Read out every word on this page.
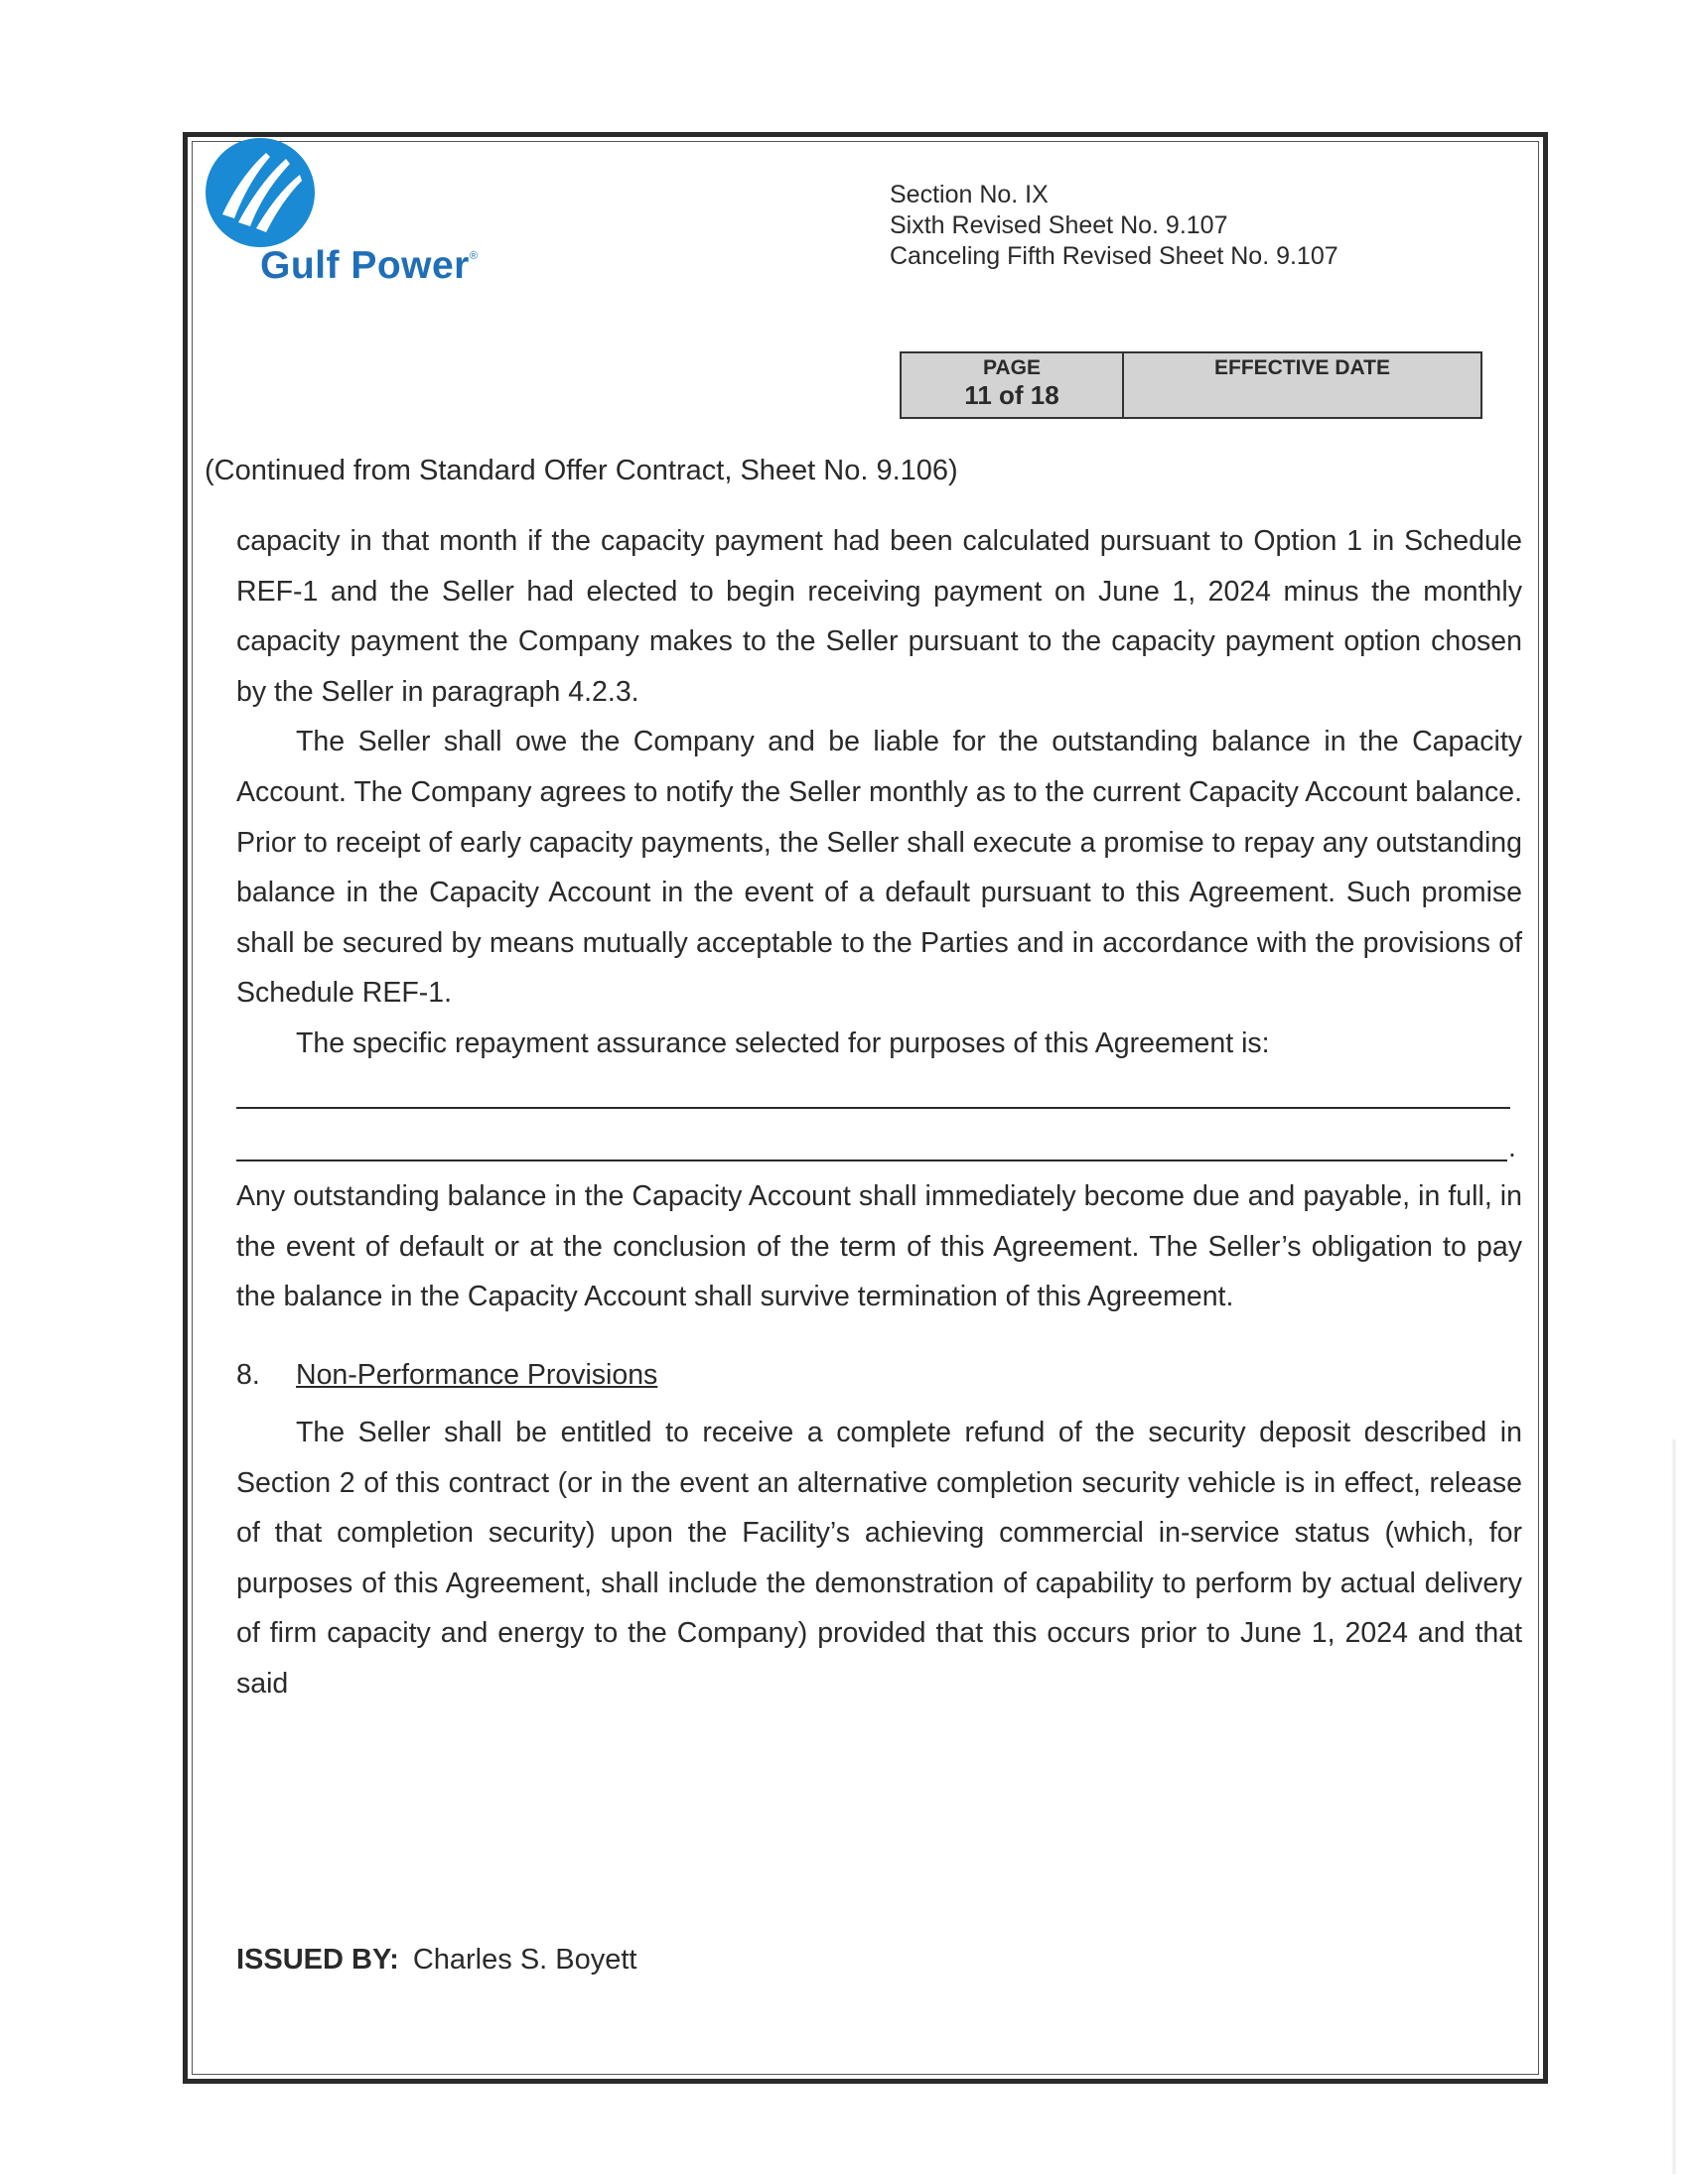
Gulf Power®
Section No. IX
Sixth Revised Sheet No. 9.107
Canceling Fifth Revised Sheet No. 9.107
PAGE
11 of 18
EFFECTIVE DATE
(Continued from Standard Offer Contract, Sheet No. 9.106)

capacity in that month if the capacity payment had been calculated pursuant to Option 1 in Schedule REF-1 and the Seller had elected to begin receiving payment on June 1, 2024 minus the monthly capacity payment the Company makes to the Seller pursuant to the capacity payment option chosen by the Seller in paragraph 4.2.3.

The Seller shall owe the Company and be liable for the outstanding balance in the Capacity Account. The Company agrees to notify the Seller monthly as to the current Capacity Account balance. Prior to receipt of early capacity payments, the Seller shall execute a promise to repay any outstanding balance in the Capacity Account in the event of a default pursuant to this Agreement. Such promise shall be secured by means mutually acceptable to the Parties and in accordance with the provisions of Schedule REF-1.

The specific repayment assurance selected for purposes of this Agreement is:

.

Any outstanding balance in the Capacity Account shall immediately become due and payable, in full, in the event of default or at the conclusion of the term of this Agreement. The Seller’s obligation to pay the balance in the Capacity Account shall survive termination of this Agreement.

8. Non-Performance Provisions

The Seller shall be entitled to receive a complete refund of the security deposit described in Section 2 of this contract (or in the event an alternative completion security vehicle is in effect, release of that completion security) upon the Facility’s achieving commercial in-service status (which, for purposes of this Agreement, shall include the demonstration of capability to perform by actual delivery of firm capacity and energy to the Company) provided that this occurs prior to June 1, 2024 and that said

ISSUED BY: Charles S. Boyett
